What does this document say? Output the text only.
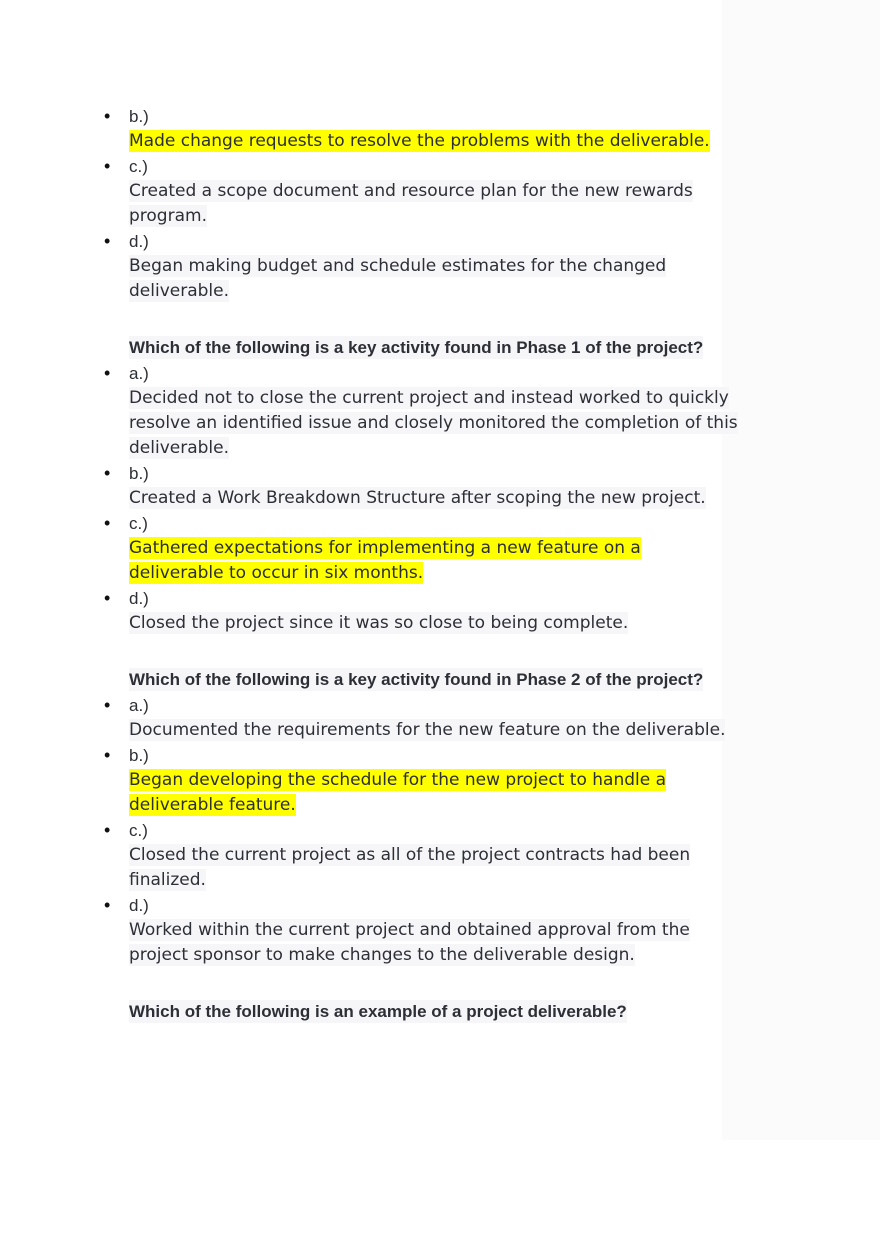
•	b.)
Made change requests to resolve the problems with the deliverable.
•	c.)
Created a scope document and resource plan for the new rewards program.
•	d.)
Began making budget and schedule estimates for the changed deliverable.
Which of the following is a key activity found in Phase 1 of the project?
•	a.)
Decided not to close the current project and instead worked to quickly resolve an identified issue and closely monitored the completion of this deliverable.
•	b.)
Created a Work Breakdown Structure after scoping the new project.
•	c.)
Gathered expectations for implementing a new feature on a deliverable to occur in six months.
•	d.)
Closed the project since it was so close to being complete.
Which of the following is a key activity found in Phase 2 of the project?
•	a.)
Documented the requirements for the new feature on the deliverable.
•	b.)
Began developing the schedule for the new project to handle a deliverable feature.
•	c.)
Closed the current project as all of the project contracts had been finalized.
•	d.)
Worked within the current project and obtained approval from the project sponsor to make changes to the deliverable design.
Which of the following is an example of a project deliverable?
